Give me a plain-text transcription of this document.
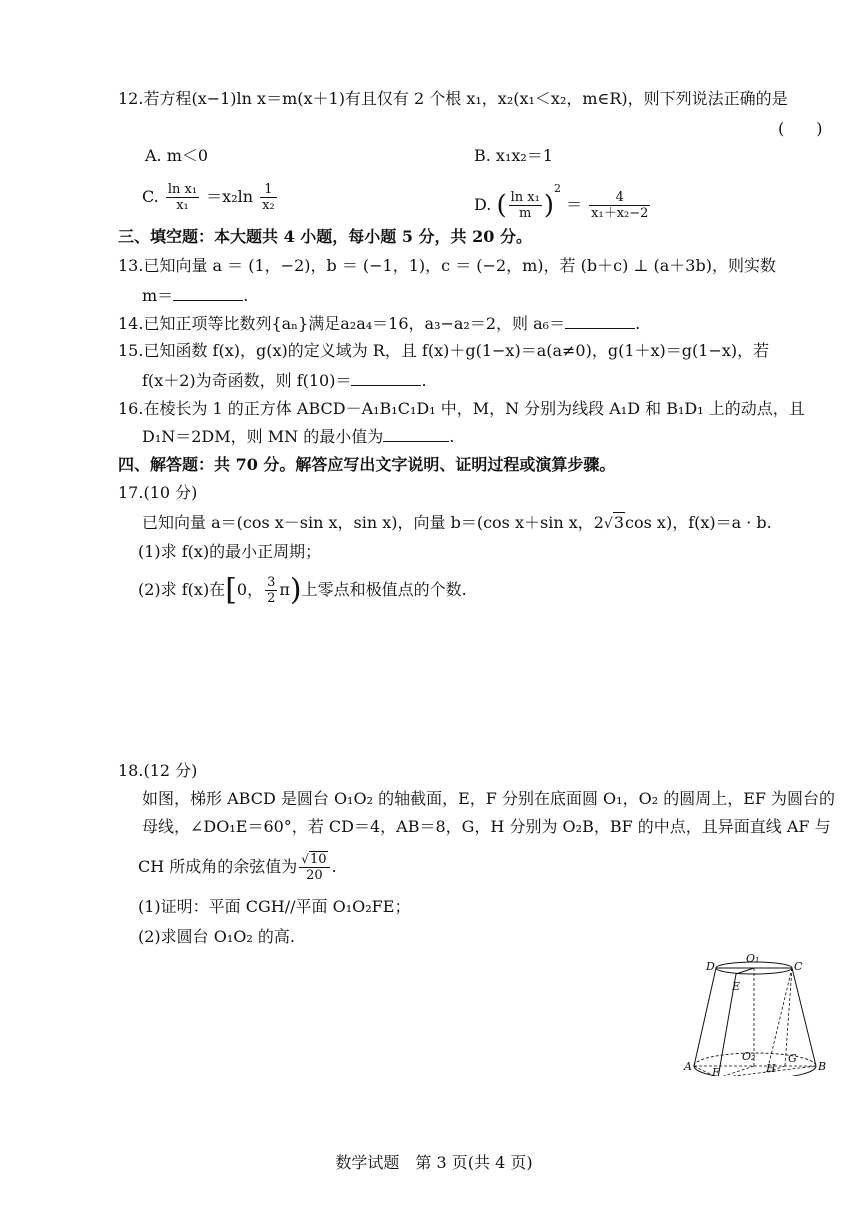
12.若方程(x−1)ln x＝m(x＋1)有且仅有 2 个根 x₁，x₂(x₁＜x₂，m∈R)，则下列说法正确的是
(　　)
A. m＜0	B. x₁x₂＝1
C. $\frac{\text{ln x₁}}{\text{x₁}} =x_2\ln \frac{1}{\text{x₂}}$	D. ( $\frac{\text{ln x₁}}{m} )^2 = \frac{4}{\text{x₁＋x₂−2}}$
三、填空题：本大题共 4 小题，每小题 5 分，共 20 分。
13.已知向量 a ＝ (1，−2)，b ＝ (−1，1)，c ＝ (−2，m)，若 (b＋c) ⊥ (a＋3b)，则实数
m＝	.
14.已知正项等比数列{aₙ}满足a₂a₄＝16，a₃−a₂＝2，则 a₆＝	.
15.已知函数 f(x)，g(x)的定义域为 R，且 f(x)＋g(1−x)＝a(a≠0)，g(1＋x)＝g(1−x)，若
f(x＋2)为奇函数，则 f(10)＝	.
16.在棱长为 1 的正方体 ABCD－A₁B₁C₁D₁ 中，M，N 分别为线段 A₁D 和 B₁D₁ 上的动点，且
D₁N＝2DM，则 MN 的最小值为	.
四、解答题：共 70 分。解答应写出文字说明、证明过程或演算步骤。
17.(10 分)
已知向量 a＝(cos x－sin x，sin x)，向量 b＝(cos x＋sin x，2√3cos x)，f(x)＝a · b.
(1)求 f(x)的最小正周期；
(2)求 f(x)在[0， $\frac{3}{2} \pi$)上零点和极值点的个数.
18.(12 分)
如图，梯形 ABCD 是圆台 O₁O₂ 的轴截面，E，F 分别在底面圆 O₁，O₂ 的圆周上，EF 为圆台的
母线，∠DO₁E＝60°，若 CD＝4，AB＝8，G，H 分别为 O₂B，BF 的中点，且异面直线 AF 与
CH 所成角的余弦值为 $\frac{√10}{20}$ .
(1)证明：平面 CGH//平面 O₁O₂FE；
(2)求圆台 O₁O₂ 的高.
D
O₁
C
E
A
O₂	G
H	B
F
数学试题　第 3 页(共 4 页)
